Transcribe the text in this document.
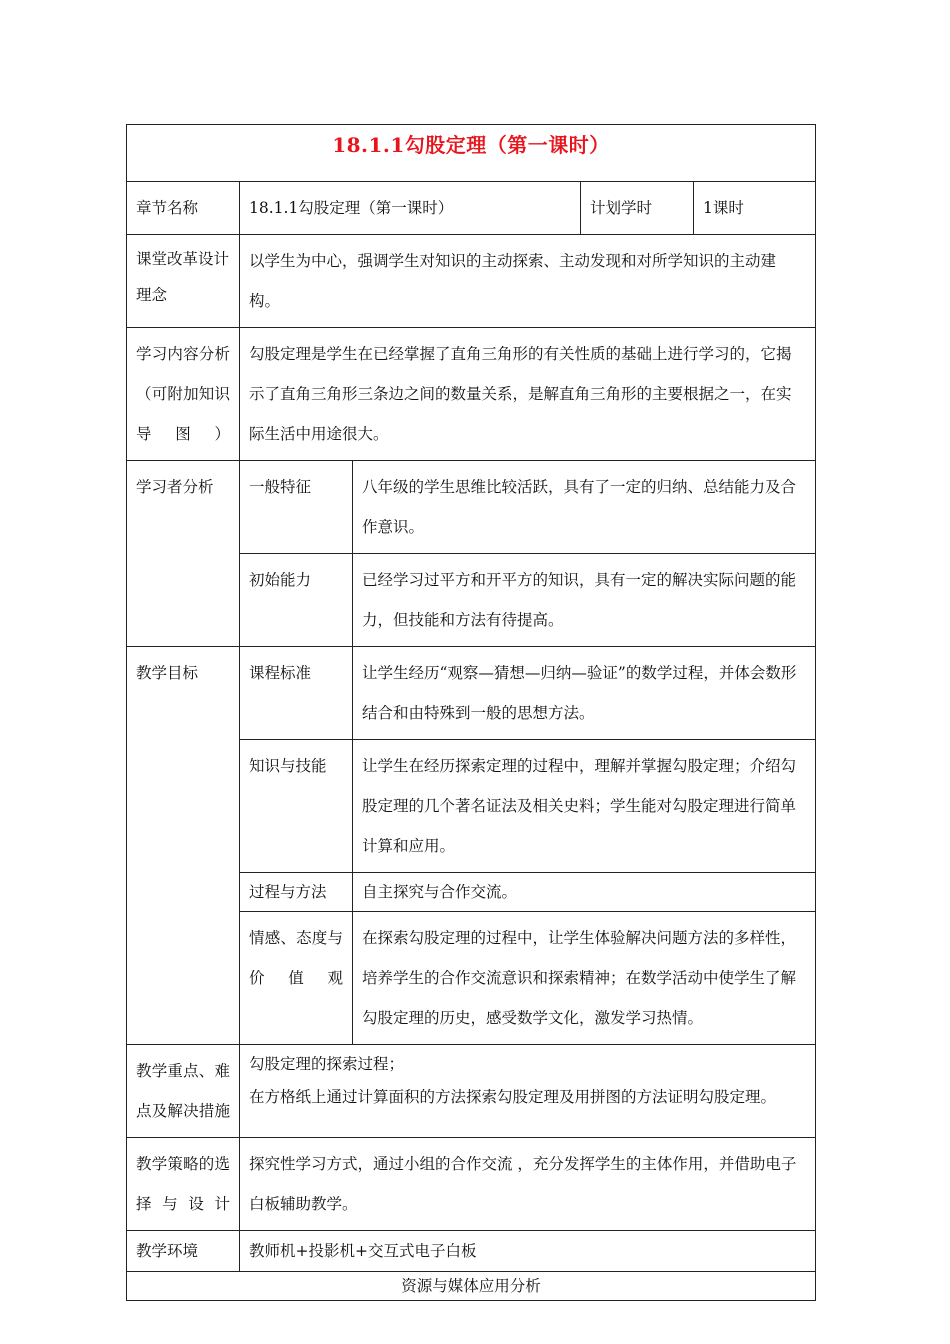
18.1.1勾股定理（第一课时）				
章节名称	18.1.1勾股定理（第一课时）		计划学时	1课时
课堂改革设计理念	以学生为中心，强调学生对知识的主动探索、主动发现和对所学知识的主动建构。			
学习内容分析（可附加知识导图）	勾股定理是学生在已经掌握了直角三角形的有关性质的基础上进行学习的，它揭示了直角三角形三条边之间的数量关系，是解直角三角形的主要根据之一，在实际生活中用途很大。			
学习者分析	一般特征	八年级的学生思维比较活跃，具有了一定的归纳、总结能力及合作意识。		
	初始能力	已经学习过平方和开平方的知识，具有一定的解决实际问题的能力，但技能和方法有待提高。		
教学目标	课程标准	让学生经历“观察—猜想—归纳—验证”的数学过程，并体会数形结合和由特殊到一般的思想方法。		
	知识与技能	让学生在经历探索定理的过程中，理解并掌握勾股定理；介绍勾股定理的几个著名证法及相关史料；学生能对勾股定理进行简单计算和应用。		
	过程与方法	自主探究与合作交流。		
	情感、态度与价值观	在探索勾股定理的过程中，让学生体验解决问题方法的多样性，培养学生的合作交流意识和探索精神；在数学活动中使学生了解勾股定理的历史，感受数学文化，激发学习热情。		
教学重点、难点及解决措施	勾股定理的探索过程；
在方格纸上通过计算面积的方法探索勾股定理及用拼图的方法证明勾股定理。			

教学策略的选择与设计	探究性学习方式，通过小组的合作交流 ，充分发挥学生的主体作用，并借助电子白板辅助教学。			
教学环境	教师机+投影机+交互式电子白板			
资源与媒体应用分析				
